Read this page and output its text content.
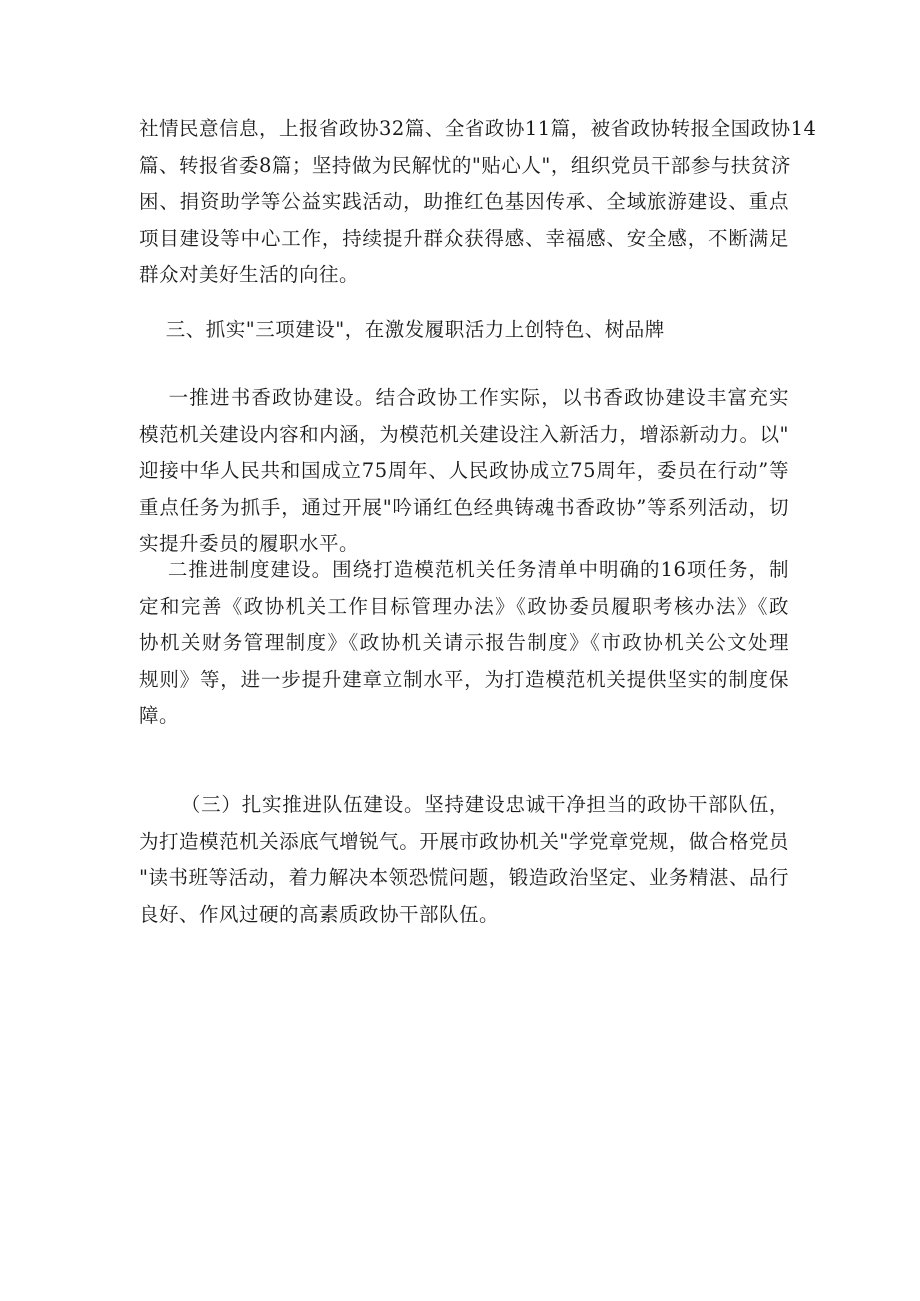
社情民意信息，上报省政协32篇、全省政协11篇，被省政协转报全国政协14
篇、转报省委8篇；坚持做为民解忧的"贴心人"，组织党员干部参与扶贫济
困、捐资助学等公益实践活动，助推红色基因传承、全域旅游建设、重点
项目建设等中心工作，持续提升群众获得感、幸福感、安全感，不断满足
群众对美好生活的向往。
三、抓实"三项建设"，在激发履职活力上创特色、树品牌
一推进书香政协建设。结合政协工作实际，以书香政协建设丰富充实
模范机关建设内容和内涵，为模范机关建设注入新活力，增添新动力。以"
迎接中华人民共和国成立75周年、人民政协成立75周年，委员在行动”等
重点任务为抓手，通过开展"吟诵红色经典铸魂书香政协”等系列活动，切
实提升委员的履职水平。
二推进制度建设。围绕打造模范机关任务清单中明确的16项任务，制
定和完善《政协机关工作目标管理办法》《政协委员履职考核办法》《政
协机关财务管理制度》《政协机关请示报告制度》《市政协机关公文处理
规则》等，进一步提升建章立制水平，为打造模范机关提供坚实的制度保
障。
（三）扎实推进队伍建设。坚持建设忠诚干净担当的政协干部队伍，
为打造模范机关添底气增锐气。开展市政协机关"学党章党规，做合格党员
"读书班等活动，着力解决本领恐慌问题，锻造政治坚定、业务精湛、品行
良好、作风过硬的高素质政协干部队伍。
